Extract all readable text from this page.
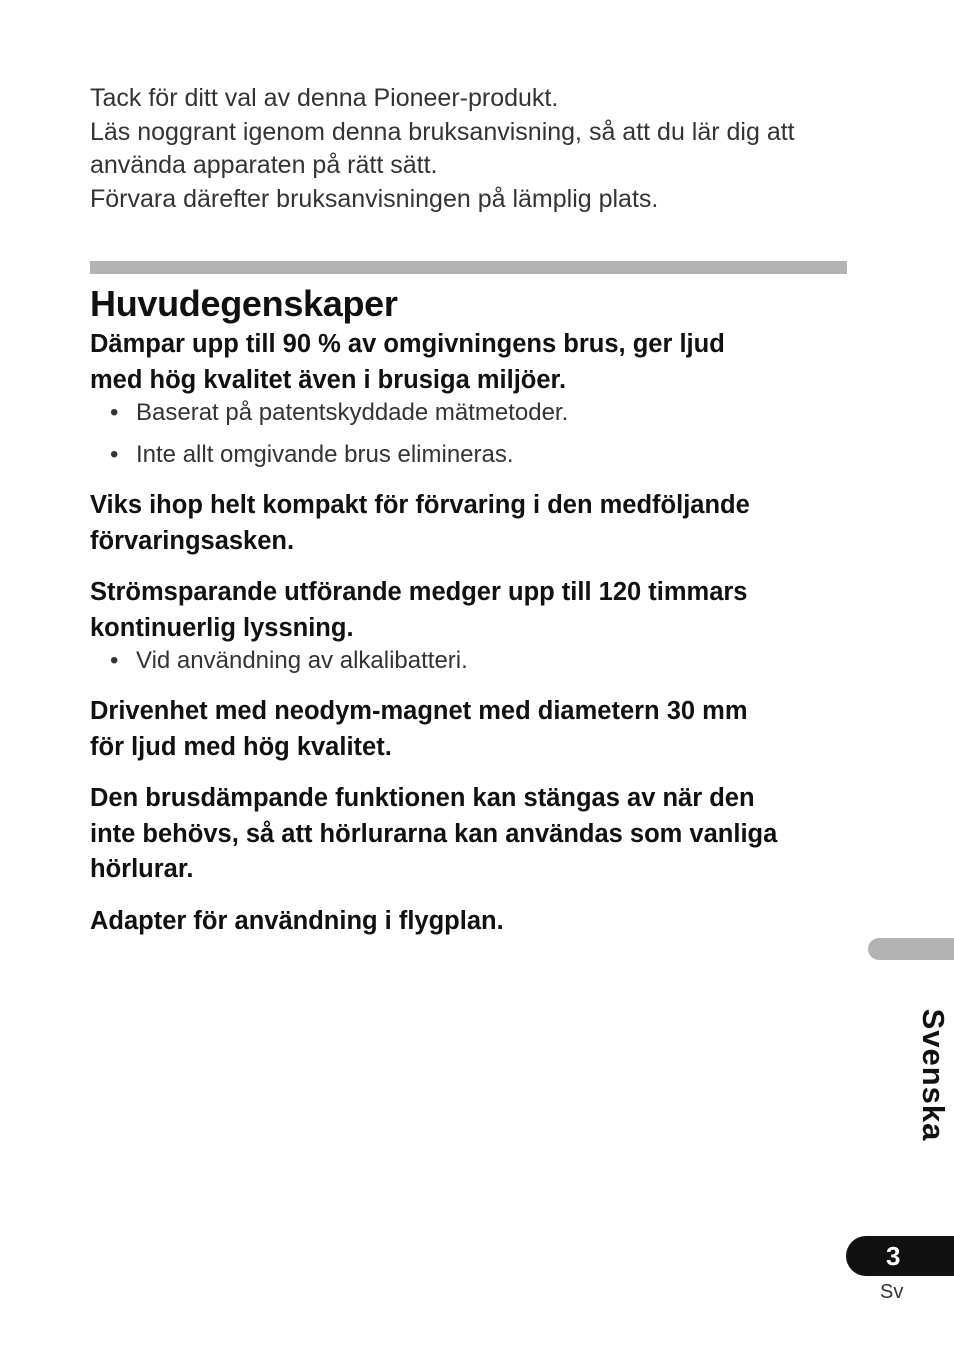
Tack för ditt val av denna Pioneer-produkt.

Läs noggrant igenom denna bruksanvisning, så att du lär dig att

använda apparaten på rätt sätt.

Förvara därefter bruksanvisningen på lämplig plats.

Huvudegenskaper

Dämpar upp till 90 % av omgivningens brus, ger ljud
med hög kvalitet även i brusiga miljöer.

• Baserat på patentskyddade mätmetoder.
• Inte allt omgivande brus elimineras.

Viks ihop helt kompakt för förvaring i den medföljande
förvaringsasken.

Strömsparande utförande medger upp till 120 timmars
kontinuerlig lyssning.

• Vid användning av alkalibatteri.

Drivenhet med neodym-magnet med diametern 30 mm
för ljud med hög kvalitet.

Den brusdämpande funktionen kan stängas av när den
inte behövs, så att hörlurarna kan användas som vanliga
hörlurar.

Adapter för användning i flygplan.

Svenska
3
Sv
